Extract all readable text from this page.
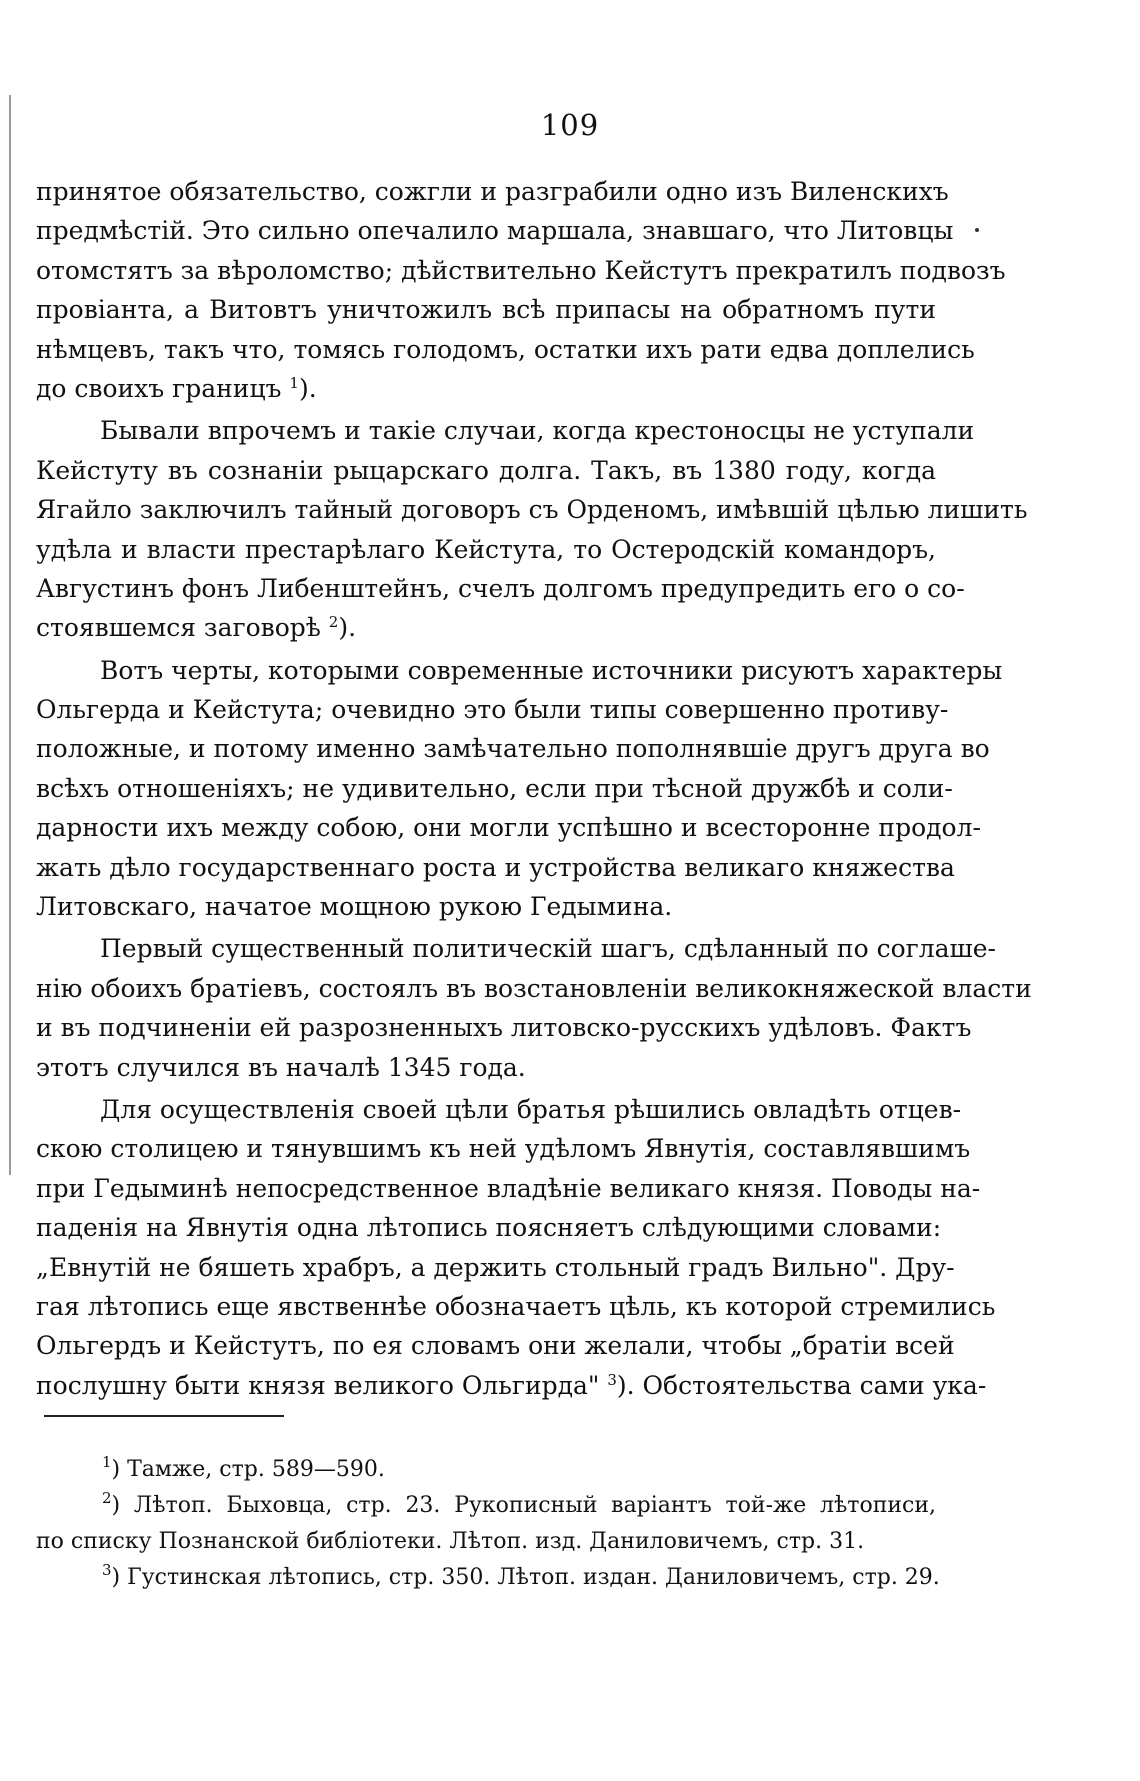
109
принятое обязательство, сожгли и разграбили одно изъ Виленскихъ
предмѣстій. Это сильно опечалило маршала, знавшаго, что Литовцы
отомстятъ за вѣроломство; дѣйствительно Кейстутъ прекратилъ подвозъ
провіанта, а Витовтъ уничтожилъ всѣ припасы на обратномъ пути
нѣмцевъ, такъ что, томясь голодомъ, остатки ихъ рати едва доплелись
до своихъ границъ $^1$).
Бывали впрочемъ и такіе случаи, когда крестоносцы не уступали
Кейстуту въ сознаніи рыцарскаго долга. Такъ, въ 1380 году, когда
Ягайло заключилъ тайный договоръ съ Орденомъ, имѣвшій цѣлью лишить
удѣла и власти престарѣлаго Кейстута, то Остеродскій командоръ,
Августинъ фонъ Либенштейнъ, счелъ долгомъ предупредить его о со-
стоявшемся заговорѣ $^2$).
Вотъ черты, которыми современные источники рисуютъ характеры
Ольгерда и Кейстута; очевидно это были типы совершенно противу-
положные, и потому именно замѣчательно пополнявшіе другъ друга во
всѣхъ отношеніяхъ; не удивительно, если при тѣсной дружбѣ и соли-
дарности ихъ между собою, они могли успѣшно и всесторонне продол-
жать дѣло государственнаго роста и устройства великаго княжества
Литовскаго, начатое мощною рукою Гедымина.
Первый существенный политическій шагъ, сдѣланный по соглаше-
нію обоихъ братіевъ, состоялъ въ возстановленіи великокняжеской власти
и въ подчиненіи ей разрозненныхъ литовско-русскихъ удѣловъ. Фактъ
этотъ случился въ началѣ 1345 года.
Для осуществленія своей цѣли братья рѣшились овладѣть отцев-
скою столицею и тянувшимъ къ ней удѣломъ Явнутія, составлявшимъ
при Гедыминѣ непосредственное владѣніе великаго князя. Поводы на-
паденія на Явнутія одна лѣтопись поясняетъ слѣдующими словами:
„Евнутій не бяшеть храбръ, а держить стольный градъ Вильно". Дру-
гая лѣтопись еще явственнѣе обозначаетъ цѣль, къ которой стремились
Ольгердъ и Кейстутъ, по ея словамъ они желали, чтобы „братіи всей
послушну быти князя великого Ольгирда" $^3$). Обстоятельства сами ука-
$^1$) Тамже, стр. 589—590.
$^2$) Лѣтоп. Быховца, стр. 23. Рукописный варіантъ той-же лѣтописи,
по списку Познанской библіотеки. Лѣтоп. изд. Даниловичемъ, стр. 31.
$^3$) Густинская лѣтопись, стр. 350. Лѣтоп. издан. Даниловичемъ, стр. 29.
